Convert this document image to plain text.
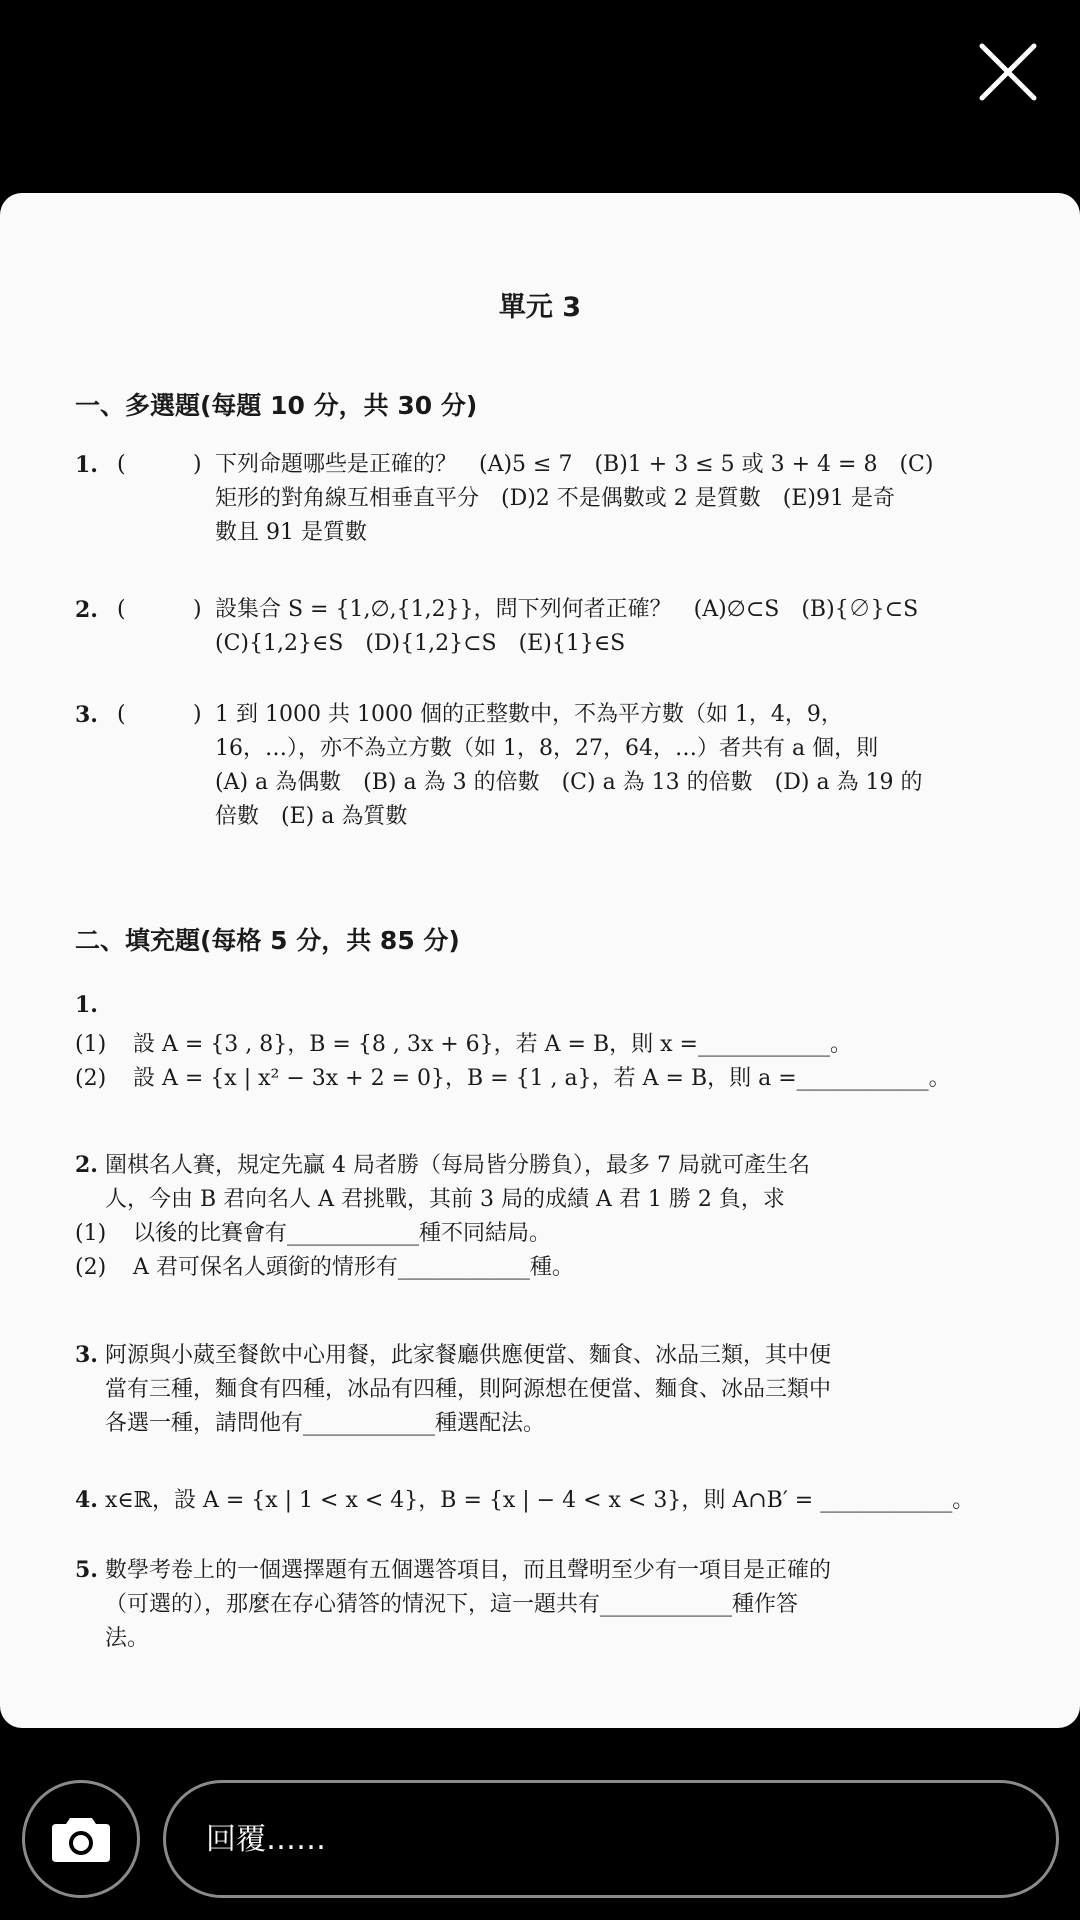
單元 3
一、多選題(每題 10 分，共 30 分)
1. (	) 下列命題哪些是正確的？　(A)5 ≤ 7　(B)1 + 3 ≤ 5 或 3 + 4 = 8　(C)
矩形的對角線互相垂直平分　(D)2 不是偶數或 2 是質數　(E)91 是奇
數且 91 是質數
2. (	) 設集合 S = {1,∅,{1,2}}，問下列何者正確？　(A)∅⊂S　(B){∅}⊂S
(C){1,2}∈S　(D){1,2}⊂S　(E){1}∈S
3. (	) 1 到 1000 共 1000 個的正整數中，不為平方數（如 1，4，9，
16，…），亦不為立方數（如 1，8，27，64，…）者共有 a 個，則
(A) a 為偶數　(B) a 為 3 的倍數　(C) a 為 13 的倍數　(D) a 為 19 的
倍數　(E) a 為質數
二、填充題(每格 5 分，共 85 分)
1.
(1) 設 A = {3 , 8}，B = {8 , 3x + 6}，若 A = B，則 x =____________。
(2) 設 A = {x | x² − 3x + 2 = 0}，B = {1 , a}，若 A = B，則 a =____________。
2. 圍棋名人賽，規定先贏 4 局者勝（每局皆分勝負），最多 7 局就可產生名
人，今由 B 君向名人 A 君挑戰，其前 3 局的成績 A 君 1 勝 2 負，求
(1) 以後的比賽會有____________種不同結局。
(2) A 君可保名人頭銜的情形有____________種。
3. 阿源與小葳至餐飲中心用餐，此家餐廳供應便當、麵食、冰品三類，其中便
當有三種，麵食有四種，冰品有四種，則阿源想在便當、麵食、冰品三類中
各選一種，請問他有____________種選配法。
4. x∈ℝ，設 A = {x | 1 < x < 4}，B = {x | − 4 < x < 3}，則 A∩B′ = ____________。
5. 數學考卷上的一個選擇題有五個選答項目，而且聲明至少有一項目是正確的
（可選的），那麼在存心猜答的情況下，這一題共有____________種作答
法。
回覆……
